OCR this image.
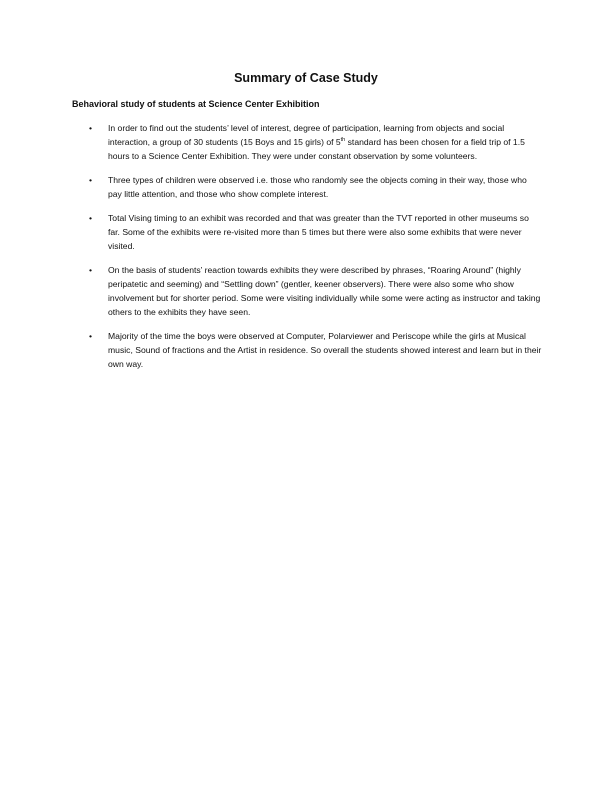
Summary of Case Study

Behavioral study of students at Science Center Exhibition

• In order to find out the students’ level of interest, degree of participation, learning from objects and social interaction, a group of 30 students (15 Boys and 15 girls) of 5th standard has been chosen for a field trip of 1.5 hours to a Science Center Exhibition. They were under constant observation by some volunteers.
• Three types of children were observed i.e. those who randomly see the objects coming in their way, those who pay little attention, and those who show complete interest.
• Total Vising timing to an exhibit was recorded and that was greater than the TVT reported in other museums so far. Some of the exhibits were re-visited more than 5 times but there were also some exhibits that were never visited.
• On the basis of students’ reaction towards exhibits they were described by phrases, “Roaring Around” (highly peripatetic and seeming) and “Settling down” (gentler, keener observers). There were also some who show involvement but for shorter period. Some were visiting individually while some were acting as instructor and taking others to the exhibits they have seen.
• Majority of the time the boys were observed at Computer, Polarviewer and Periscope while the girls at Musical music, Sound of fractions and the Artist in residence. So overall the students showed interest and learn but in their own way.
